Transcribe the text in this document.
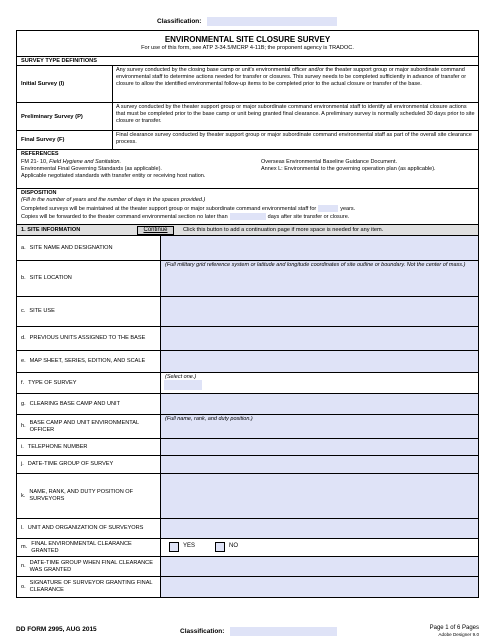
Classification:
ENVIRONMENTAL SITE CLOSURE SURVEY
For use of this form, see ATP 3-34.5/MCRP 4-11B; the proponent agency is TRADOC.
SURVEY TYPE DEFINITIONS
Initial Survey (I)
Any survey conducted by the closing base camp or unit's environmental officer and/or the theater support group or major subordinate command environmental staff to determine actions needed for transfer or closures. This survey needs to be completed sufficiently in advance of transfer or closure to allow the identified environmental follow-up items to be completed prior to the actual closure or transfer of the base.
Preliminary Survey (P)
A survey conducted by the theater support group or major subordinate command environmental staff to identify all environmental closure actions that must be completed prior to the base camp or unit being granted final clearance. A preliminary survey is normally scheduled 30 days prior to site closure or transfer.
Final Survey (F)
Final clearance survey conducted by theater support group or major subordinate command environmental staff as part of the overall site clearance process.
REFERENCES
FM 21- 10, Field Hygiene and Sanitation.
Environmental Final Governing Standards (as applicable).
Applicable negotiated standards with transfer entity or receiving host nation.
Overseas Environmental Baseline Guidance Document.
Annex L: Environmental to the governing operation plan (as applicable).
DISPOSITION
(Fill in the number of years and the number of days in the spaces provided.)
Completed surveys will be maintained at the theater support group or major subordinate command environmental staff for	years.
Copies will be forwarded to the theater command environmental section no later than	days after site transfer or closure.
1. SITE INFORMATION	Continue	Click this button to add a continuation page if more space is needed for any item.
a. SITE NAME AND DESIGNATION
b. SITE LOCATION
(Full military grid reference system or latitude and longitude coordinates of site outline or boundary. Not the center of mass.)
c. SITE USE
d. PREVIOUS UNITS ASSIGNED TO THE BASE
e. MAP SHEET, SERIES, EDITION, AND SCALE
f. TYPE OF SURVEY
(Select one.)
g. CLEARING BASE CAMP AND UNIT
h.
BASE CAMP AND UNIT ENVIRONMENTAL OFFICER
(Full name, rank, and duty position.)
i. TELEPHONE NUMBER
j. DATE-TIME GROUP OF SURVEY
k.
NAME, RANK, AND DUTY POSITION OF SURVEYORS
l. UNIT AND ORGANIZATION OF SURVEYORS
m.
FINAL ENVIRONMENTAL CLEARANCE GRANTED
YES	NO
n.
DATE-TIME GROUP WHEN FINAL CLEARANCE WAS GRANTED
o.
SIGNATURE OF SURVEYOR GRANTING FINAL CLEARANCE
DD FORM 2995, AUG 2015	Classification:	Page 1 of 6 Pages
Adobe Designer 9.0
